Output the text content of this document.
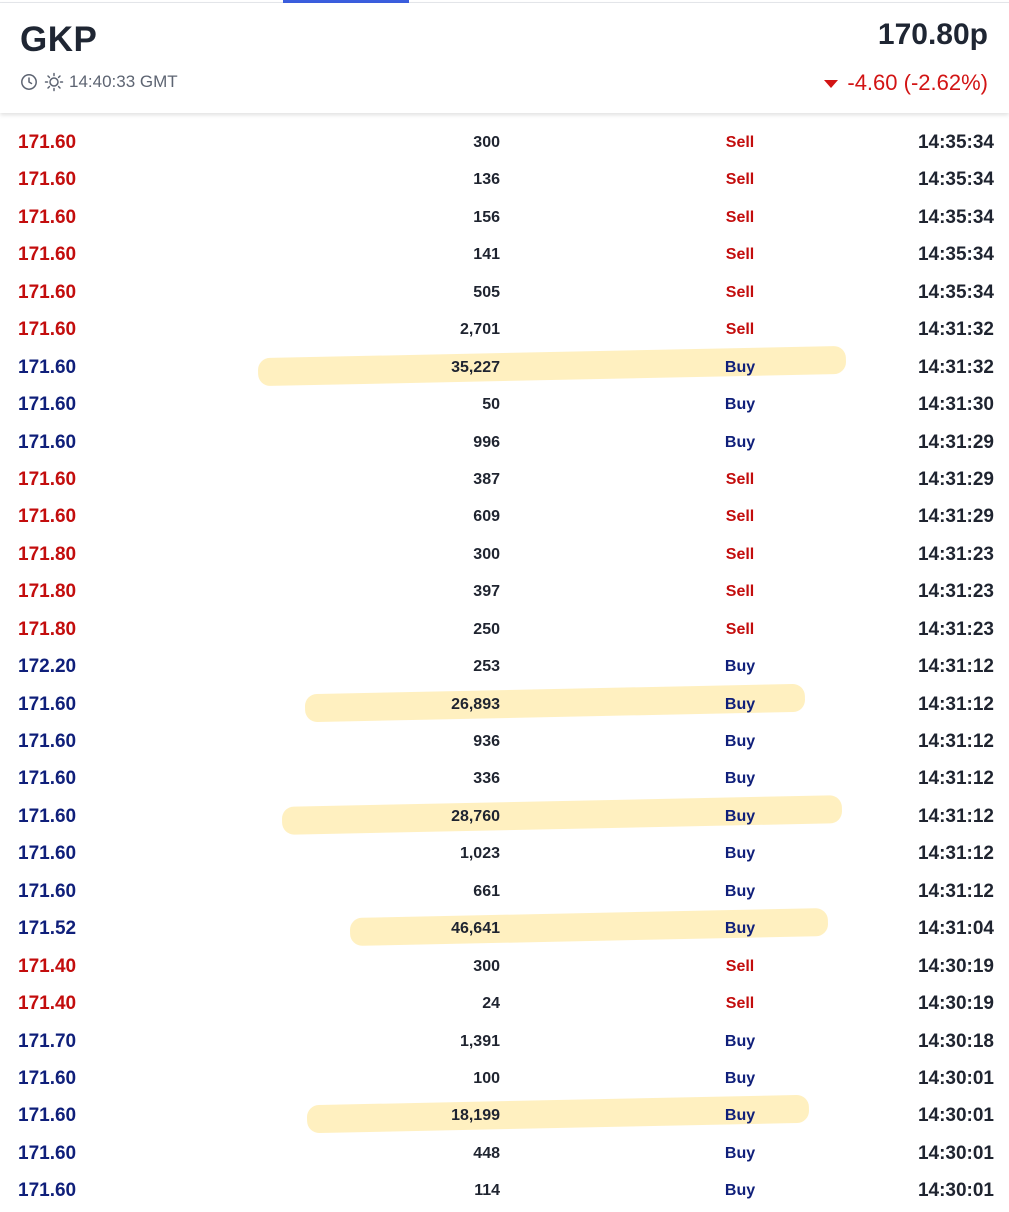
GKP	170.80p
14:40:33 GMT	-4.60 (-2.62%)
171.60	300	Sell	14:35:34
171.60	136	Sell	14:35:34
171.60	156	Sell	14:35:34
171.60	141	Sell	14:35:34
171.60	505	Sell	14:35:34
171.60	2,701	Sell	14:31:32
171.60	35,227	Buy	14:31:32
171.60	50	Buy	14:31:30
171.60	996	Buy	14:31:29
171.60	387	Sell	14:31:29
171.60	609	Sell	14:31:29
171.80	300	Sell	14:31:23
171.80	397	Sell	14:31:23
171.80	250	Sell	14:31:23
172.20	253	Buy	14:31:12
171.60	26,893	Buy	14:31:12
171.60	936	Buy	14:31:12
171.60	336	Buy	14:31:12
171.60	28,760	Buy	14:31:12
171.60	1,023	Buy	14:31:12
171.60	661	Buy	14:31:12
171.52	46,641	Buy	14:31:04
171.40	300	Sell	14:30:19
171.40	24	Sell	14:30:19
171.70	1,391	Buy	14:30:18
171.60	100	Buy	14:30:01
171.60	18,199	Buy	14:30:01
171.60	448	Buy	14:30:01
171.60	114	Buy	14:30:01
